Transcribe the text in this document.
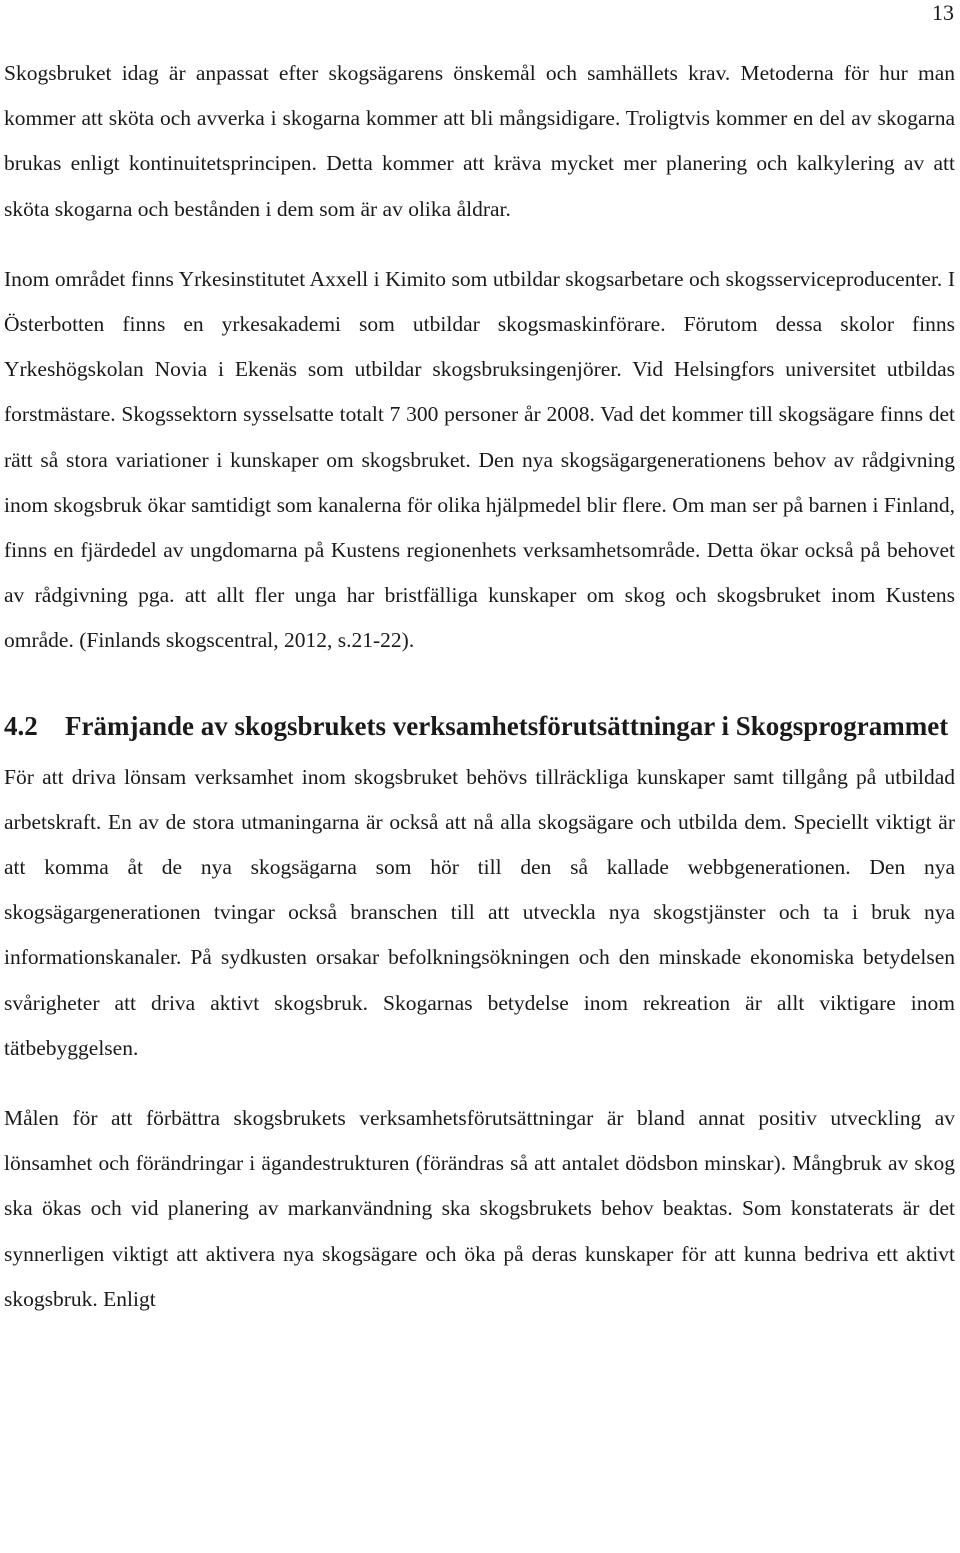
13

Skogsbruket idag är anpassat efter skogsägarens önskemål och samhällets krav. Metoderna för hur man kommer att sköta och avverka i skogarna kommer att bli mångsidigare. Troligtvis kommer en del av skogarna brukas enligt kontinuitetsprincipen. Detta kommer att kräva mycket mer planering och kalkylering av att sköta skogarna och bestånden i dem som är av olika åldrar.

Inom området finns Yrkesinstitutet Axxell i Kimito som utbildar skogsarbetare och skogsserviceproducenter. I Österbotten finns en yrkesakademi som utbildar skogsmaskinförare. Förutom dessa skolor finns Yrkeshögskolan Novia i Ekenäs som utbildar skogsbruksingenjörer. Vid Helsingfors universitet utbildas forstmästare. Skogssektorn sysselsatte totalt 7 300 personer år 2008. Vad det kommer till skogsägare finns det rätt så stora variationer i kunskaper om skogsbruket. Den nya skogsägargenerationens behov av rådgivning inom skogsbruk ökar samtidigt som kanalerna för olika hjälpmedel blir flere. Om man ser på barnen i Finland, finns en fjärdedel av ungdomarna på Kustens regionenhets verksamhetsområde. Detta ökar också på behovet av rådgivning pga. att allt fler unga har bristfälliga kunskaper om skog och skogsbruket inom Kustens område. (Finlands skogscentral, 2012, s.21-22).

4.2	Främjande av skogsbrukets verksamhetsförutsättningar i Skogsprogrammet

För att driva lönsam verksamhet inom skogsbruket behövs tillräckliga kunskaper samt tillgång på utbildad arbetskraft. En av de stora utmaningarna är också att nå alla skogsägare och utbilda dem. Speciellt viktigt är att komma åt de nya skogsägarna som hör till den så kallade webbgenerationen. Den nya skogsägargenerationen tvingar också branschen till att utveckla nya skogstjänster och ta i bruk nya informationskanaler. På sydkusten orsakar befolkningsökningen och den minskade ekonomiska betydelsen svårigheter att driva aktivt skogsbruk. Skogarnas betydelse inom rekreation är allt viktigare inom tätbebyggelsen.

Målen för att förbättra skogsbrukets verksamhetsförutsättningar är bland annat positiv utveckling av lönsamhet och förändringar i ägandestrukturen (förändras så att antalet dödsbon minskar). Mångbruk av skog ska ökas och vid planering av markanvändning ska skogsbrukets behov beaktas. Som konstaterats är det synnerligen viktigt att aktivera nya skogsägare och öka på deras kunskaper för att kunna bedriva ett aktivt skogsbruk. Enligt
